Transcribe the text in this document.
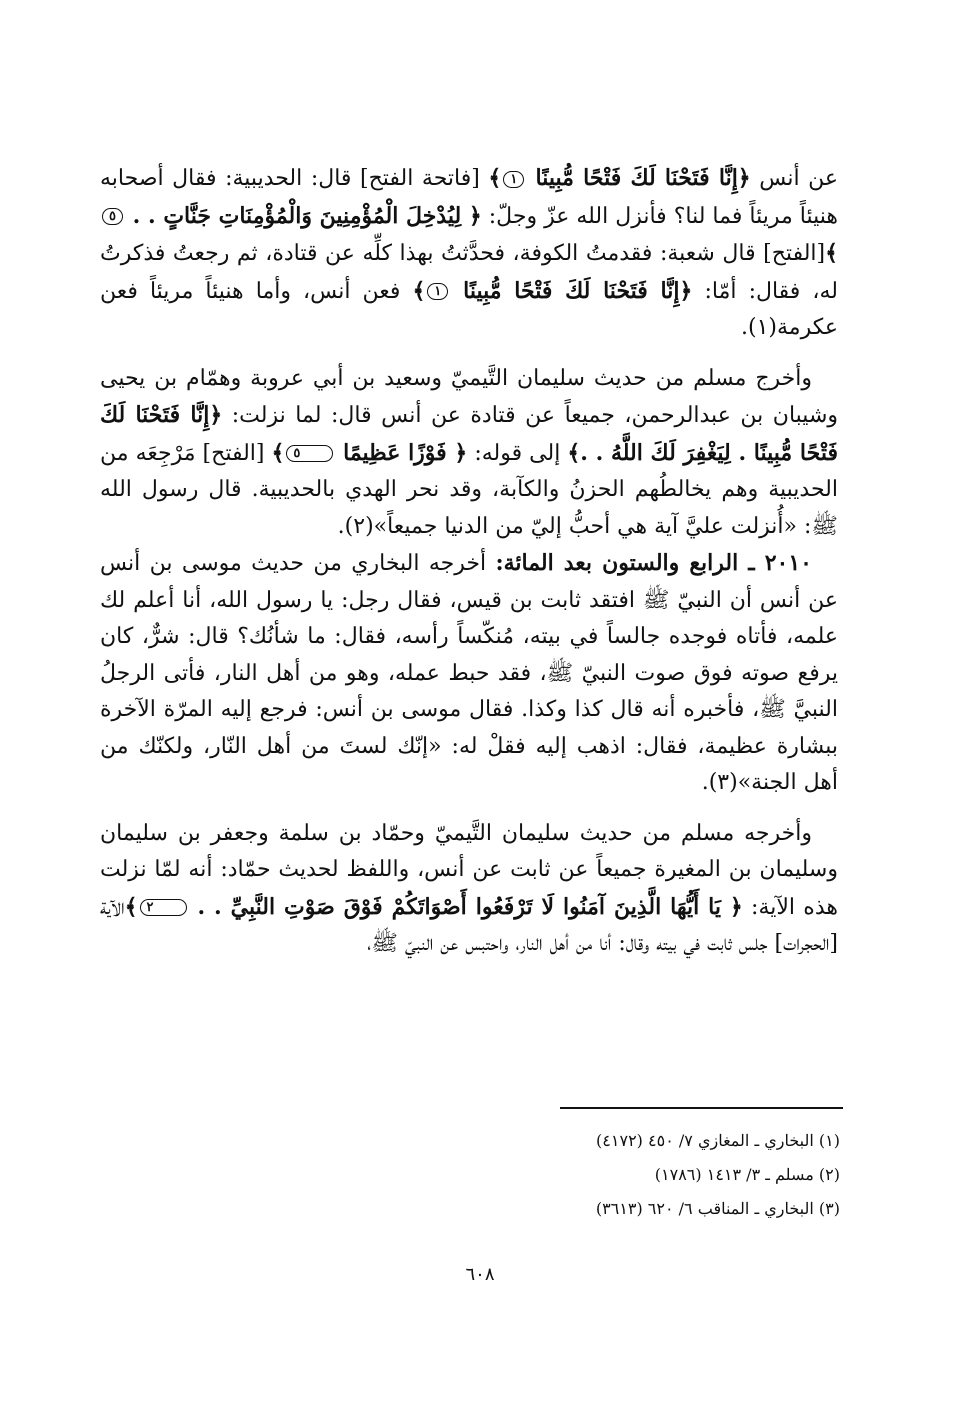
عن أنس ﴿إِنَّا فَتَحْنَا لَكَ فَتْحًا مُّبِينًا ١﴾ [فاتحة الفتح] قال: الحديبية: فقال أصحابه هنيئاً مريئاً فما لنا؟ فأنزل الله عزّ وجلّ: ﴿ لِيُدْخِلَ الْمُؤْمِنِينَ وَالْمُؤْمِنَاتِ جَنَّاتٍ . . ٥﴾[الفتح] قال شعبة: فقدمتُ الكوفة، فحدَّثتُ بهذا كلِّه عن قتادة، ثم رجعتُ فذكرتُ له، فقال: أمّا: ﴿إِنَّا فَتَحْنَا لَكَ فَتْحًا مُّبِينًا ١﴾ فعن أنس، وأما هنيئاً مريئاً فعن عكرمة(١).

وأخرج مسلم من حديث سليمان التَّيميّ وسعيد بن أبي عروبة وهمّام بن يحيى وشيبان بن عبدالرحمن، جميعاً عن قتادة عن أنس قال: لما نزلت: ﴿إِنَّا فَتَحْنَا لَكَ فَتْحًا مُّبِينًا . لِيَغْفِرَ لَكَ اللَّهُ . .﴾ إلى قوله: ﴿ فَوْزًا عَظِيمًا ٥﴾ [الفتح] مَرْجِعَه من الحديبية وهم يخالطُهم الحزنُ والكآبة، وقد نحر الهدي بالحديبية. قال رسول الله ﷺ: «أُنزلت عليَّ آية هي أحبُّ إليّ من الدنيا جميعاً»(٢).

٢٠١٠ ـ الرابع والستون بعد المائة: أخرجه البخاري من حديث موسى بن أنس عن أنس أن النبيّ ﷺ افتقد ثابت بن قيس، فقال رجل: يا رسول الله، أنا أعلم لك علمه، فأتاه فوجده جالساً في بيته، مُنكّساً رأسه، فقال: ما شأنُك؟ قال: شرٌّ، كان يرفع صوته فوق صوت النبيّ ﷺ، فقد حبط عمله، وهو من أهل النار، فأتى الرجلُ النبيَّ ﷺ، فأخبره أنه قال كذا وكذا. فقال موسى بن أنس: فرجع إليه المرّة الآخرة ببشارة عظيمة، فقال: اذهب إليه فقلْ له: «إنّك لستَ من أهل النّار، ولكنّك من أهل الجنة»(٣).

وأخرجه مسلم من حديث سليمان التَّيميّ وحمّاد بن سلمة وجعفر بن سليمان وسليمان بن المغيرة جميعاً عن ثابت عن أنس، واللفظ لحديث حمّاد: أنه لمّا نزلت هذه الآية: ﴿ يَا أَيُّهَا الَّذِينَ آمَنُوا لَا تَرْفَعُوا أَصْوَاتَكُمْ فَوْقَ صَوْتِ النَّبِيِّ . . ٢﴾الآية [الحجرات] جلس ثابت في بيته وقال: أنا من أهل النار، واحتبس عن النبيّ ﷺ،

(١) البخاري ـ المغازي ٧/ ٤٥٠ (٤١٧٢)

(٢) مسلم ـ ٣/ ١٤١٣ (١٧٨٦)

(٣) البخاري ـ المناقب ٦/ ٦٢٠ (٣٦١٣)

٦٠٨
